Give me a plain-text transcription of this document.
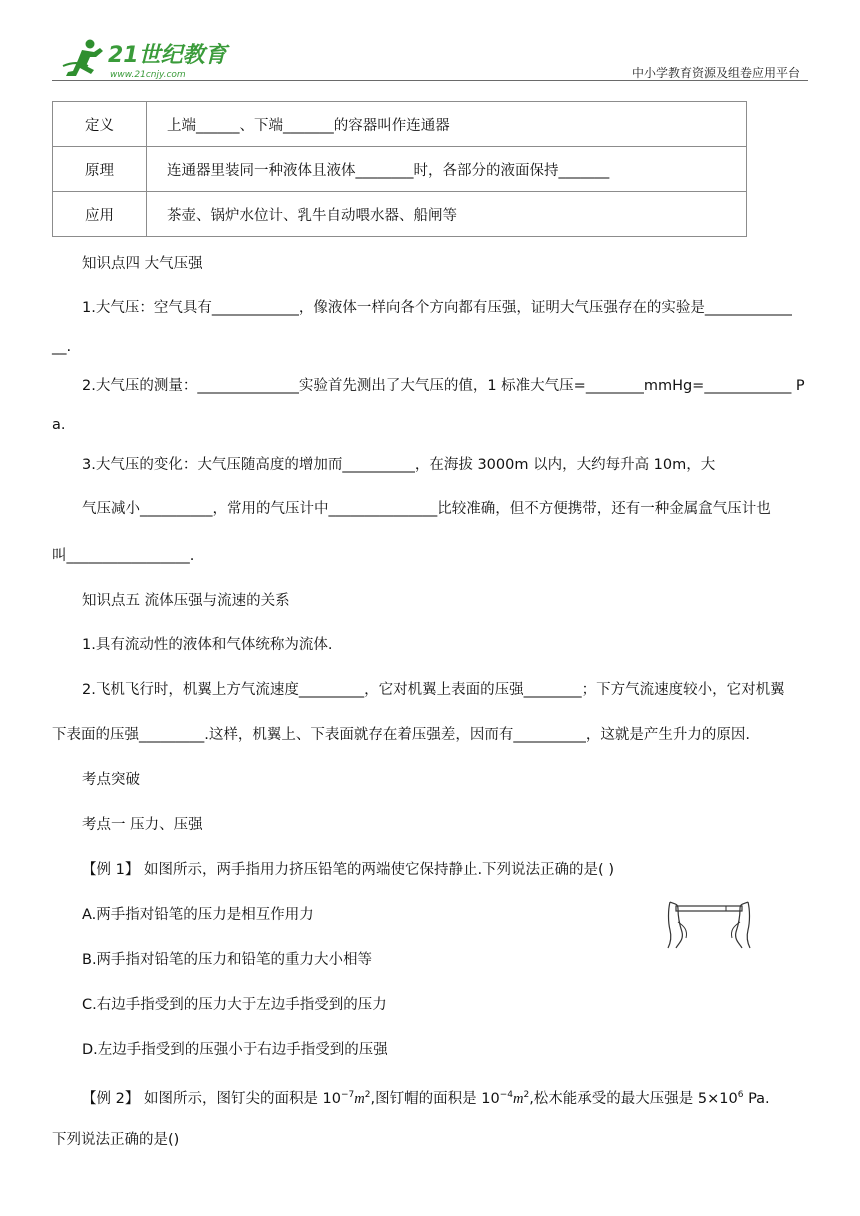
21世纪教育
www.21cnjy.com	中小学教育资源及组卷应用平台
定义	上端______、下端_______的容器叫作连通器
原理	连通器里装同一种液体且液体________时，各部分的液面保持_______
应用	茶壶、锅炉水位计、乳牛自动喂水器、船闸等
知识点四 大气压强
1.大气压：空气具有____________，像液体一样向各个方向都有压强，证明大气压强存在的实验是____________
__.
2.大气压的测量：______________实验首先测出了大气压的值，1 标准大气压=________mmHg=____________ P
a.
3.大气压的变化：大气压随高度的增加而__________，在海拔 3000m 以内，大约每升高 10m，大
气压减小__________，常用的气压计中_______________比较准确，但不方便携带，还有一种金属盒气压计也
叫_________________.
知识点五 流体压强与流速的关系
1.具有流动性的液体和气体统称为流体.
2.飞机飞行时，机翼上方气流速度_________，它对机翼上表面的压强________；下方气流速度较小，它对机翼
下表面的压强_________.这样，机翼上、下表面就存在着压强差，因而有__________，这就是产生升力的原因.
考点突破
考点一 压力、压强
【例 1】 如图所示，两手指用力挤压铅笔的两端使它保持静止.下列说法正确的是( )
A.两手指对铅笔的压力是相互作用力
B.两手指对铅笔的压力和铅笔的重力大小相等
C.右边手指受到的压力大于左边手指受到的压力
D.左边手指受到的压强小于右边手指受到的压强
【例 2】 如图所示，图钉尖的面积是 $10^{-7}m^2$,图钉帽的面积是 $10^{-4}m^2$,松木能承受的最大压强是 $5\times 10^6$ Pa.
下列说法正确的是()
